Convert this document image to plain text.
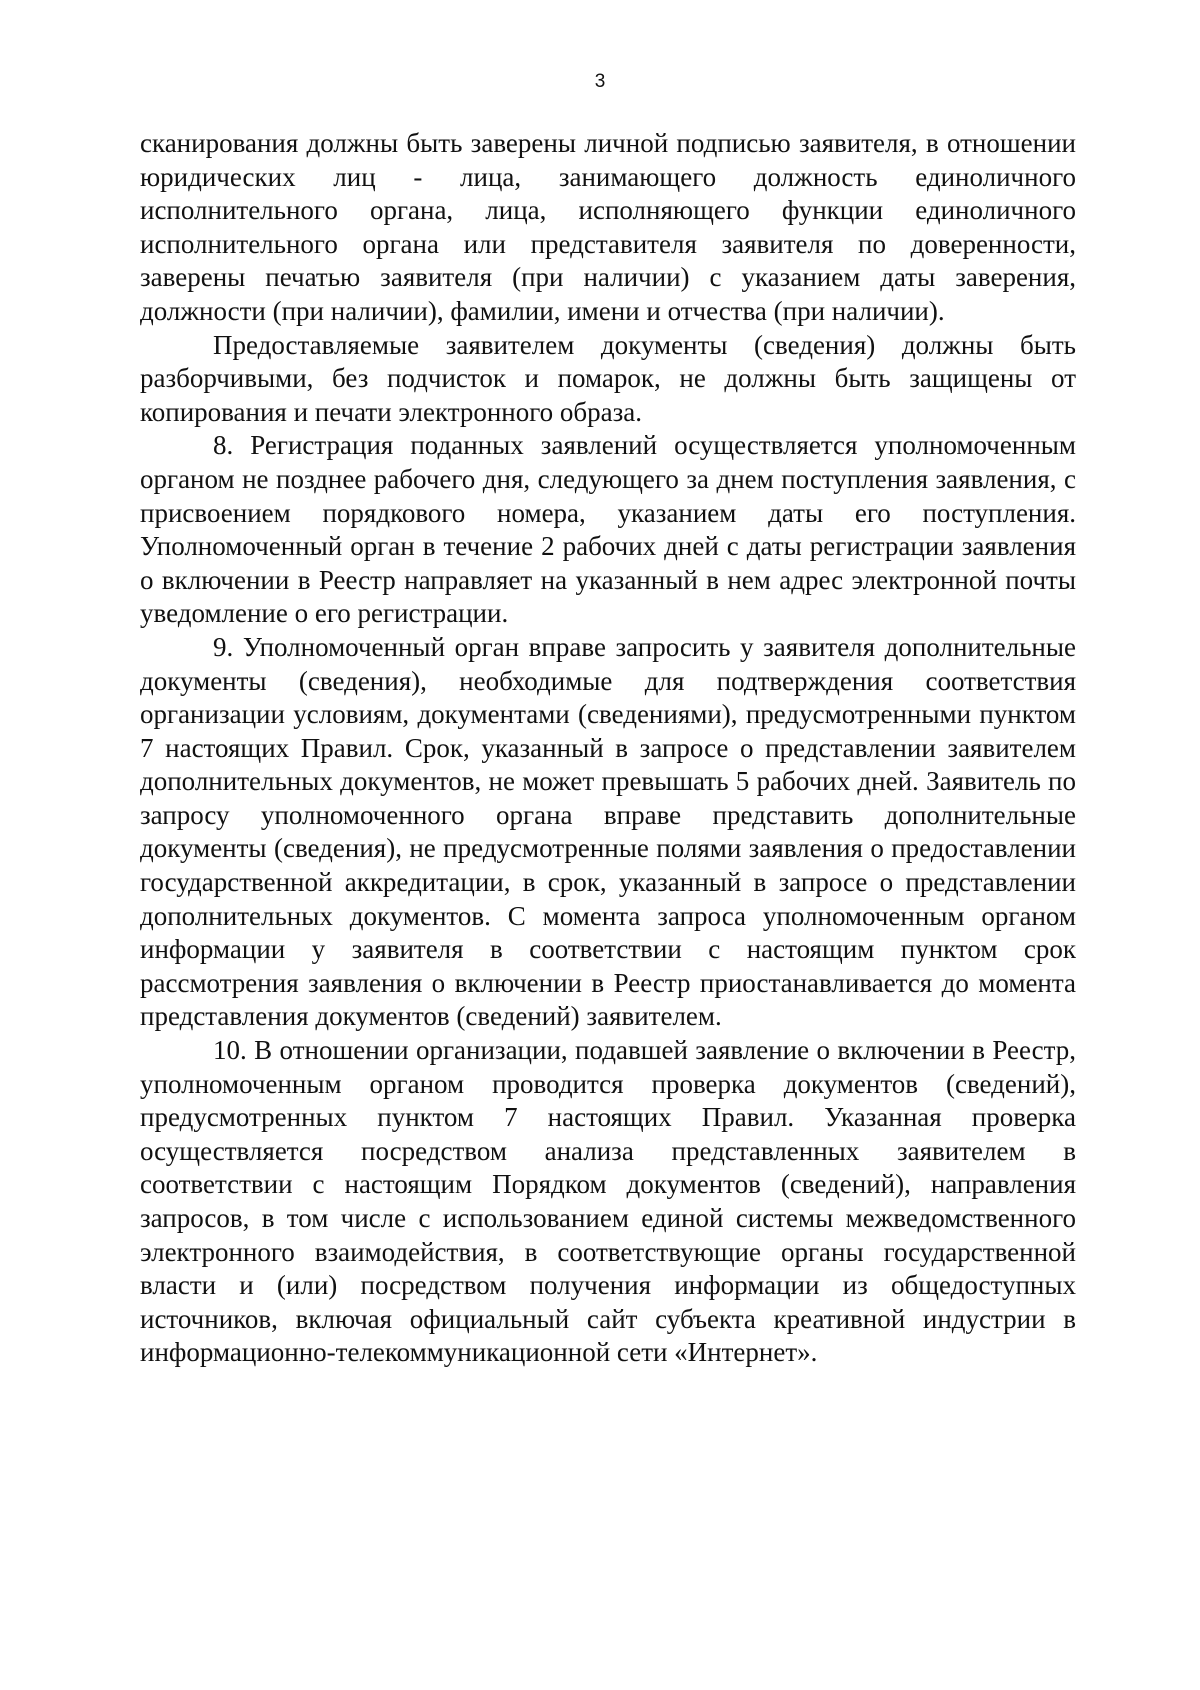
3

сканирования должны быть заверены личной подписью заявителя, в отношении юридических лиц - лица, занимающего должность единоличного исполнительного органа, лица, исполняющего функции единоличного исполнительного органа или представителя заявителя по доверенности, заверены печатью заявителя (при наличии) с указанием даты заверения, должности (при наличии), фамилии, имени и отчества (при наличии).

Предоставляемые заявителем документы (сведения) должны быть разборчивыми, без подчисток и помарок, не должны быть защищены от копирования и печати электронного образа.

8. Регистрация поданных заявлений осуществляется уполномоченным органом не позднее рабочего дня, следующего за днем поступления заявления, с присвоением порядкового номера, указанием даты его поступления. Уполномоченный орган в течение 2 рабочих дней с даты регистрации заявления о включении в Реестр направляет на указанный в нем адрес электронной почты уведомление о его регистрации.

9. Уполномоченный орган вправе запросить у заявителя дополнительные документы (сведения), необходимые для подтверждения соответствия организации условиям, документами (сведениями), предусмотренными пунктом 7 настоящих Правил. Срок, указанный в запросе о представлении заявителем дополнительных документов, не может превышать 5 рабочих дней. Заявитель по запросу уполномоченного органа вправе представить дополнительные документы (сведения), не предусмотренные полями заявления о предоставлении государственной аккредитации, в срок, указанный в запросе о представлении дополнительных документов. С момента запроса уполномоченным органом информации у заявителя в соответствии с настоящим пунктом срок рассмотрения заявления о включении в Реестр приостанавливается до момента представления документов (сведений) заявителем.

10. В отношении организации, подавшей заявление о включении в Реестр, уполномоченным органом проводится проверка документов (сведений), предусмотренных пунктом 7 настоящих Правил. Указанная проверка осуществляется посредством анализа представленных заявителем в соответствии с настоящим Порядком документов (сведений), направления запросов, в том числе с использованием единой системы межведомственного электронного взаимодействия, в соответствующие органы государственной власти и (или) посредством получения информации из общедоступных источников, включая официальный сайт субъекта креативной индустрии в информационно-телекоммуникационной сети «Интернет».
